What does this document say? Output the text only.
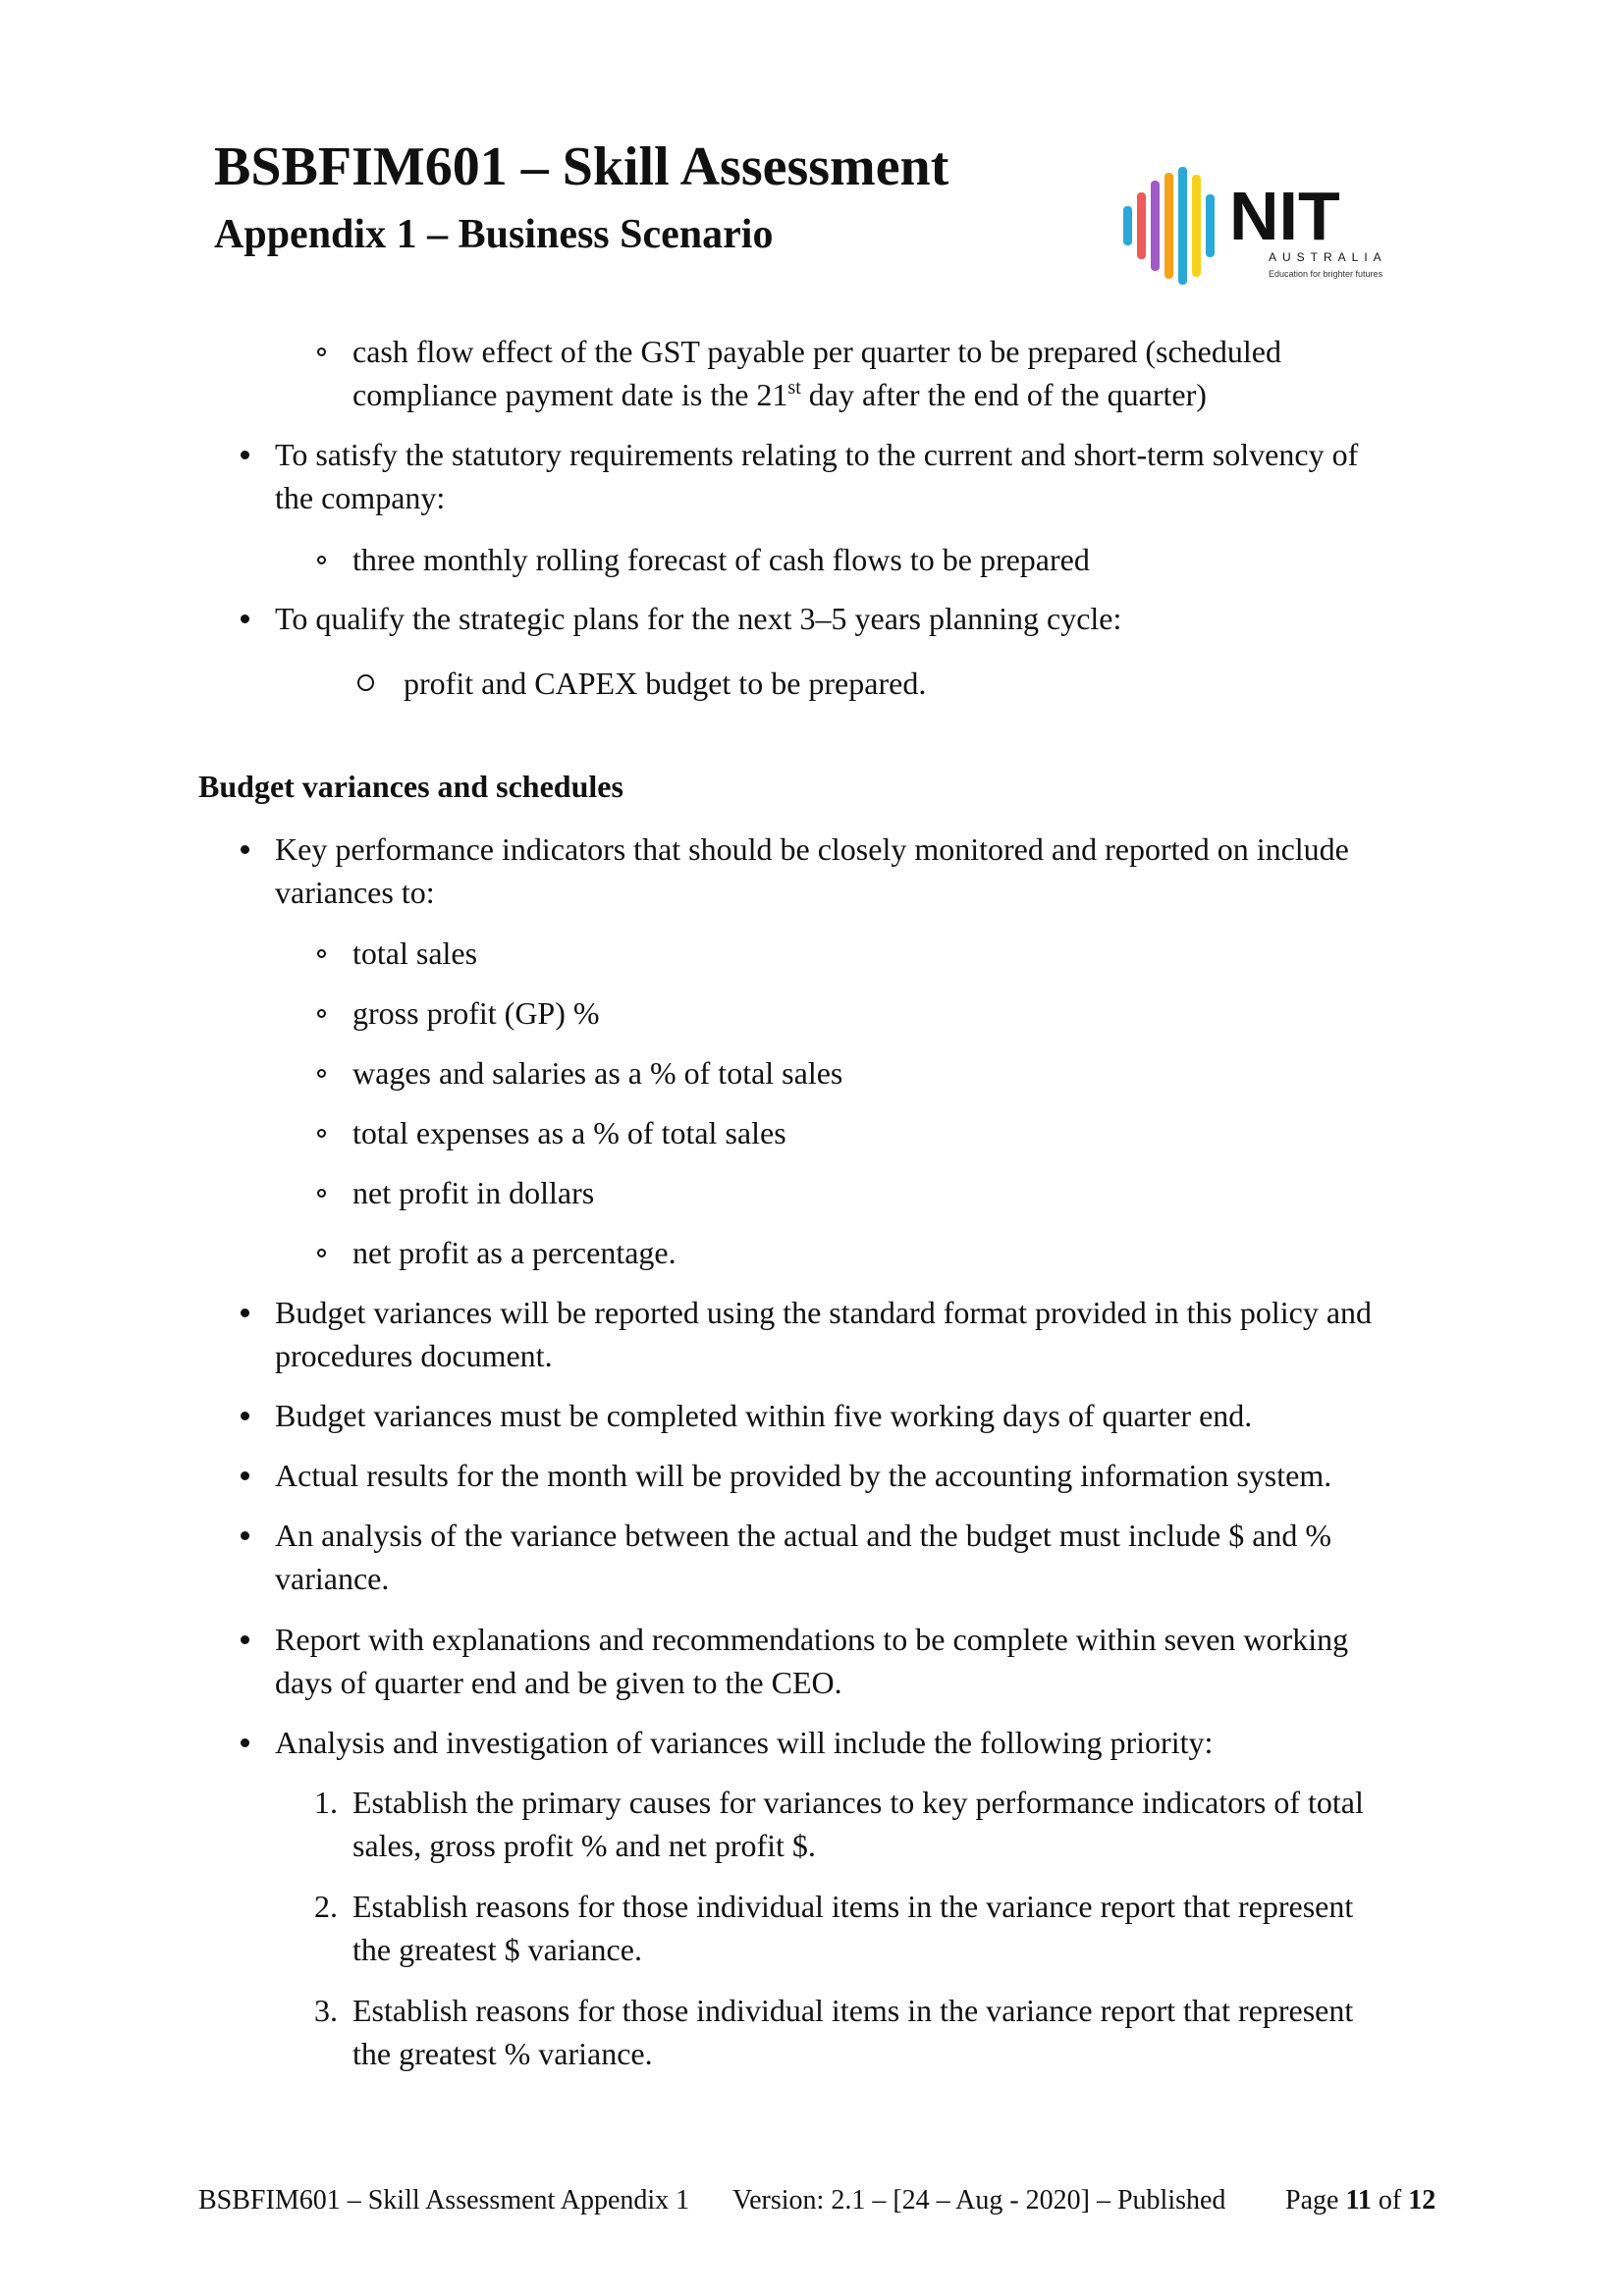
BSBFIM601 – Skill Assessment
Appendix 1 – Business Scenario	NIT
AUSTRALIA
Education for brighter futures
cash flow effect of the GST payable per quarter to be prepared (scheduled
compliance payment date is the 21st day after the end of the quarter)
To satisfy the statutory requirements relating to the current and short-term solvency of
the company:
three monthly rolling forecast of cash flows to be prepared
To qualify the strategic plans for the next 3–5 years planning cycle:
profit and CAPEX budget to be prepared.
Budget variances and schedules
Key performance indicators that should be closely monitored and reported on include
variances to:
total sales
gross profit (GP) %
wages and salaries as a % of total sales
total expenses as a % of total sales
net profit in dollars
net profit as a percentage.
Budget variances will be reported using the standard format provided in this policy and
procedures document.
Budget variances must be completed within five working days of quarter end.
Actual results for the month will be provided by the accounting information system.
An analysis of the variance between the actual and the budget must include $ and %
variance.
Report with explanations and recommendations to be complete within seven working
days of quarter end and be given to the CEO.
Analysis and investigation of variances will include the following priority:
1. Establish the primary causes for variances to key performance indicators of total
sales, gross profit % and net profit $.
2. Establish reasons for those individual items in the variance report that represent
the greatest $ variance.
3. Establish reasons for those individual items in the variance report that represent
the greatest % variance.
BSBFIM601 – Skill Assessment Appendix 1 Version: 2.1 – [24 – Aug - 2020] – Published Page 11 of 12
